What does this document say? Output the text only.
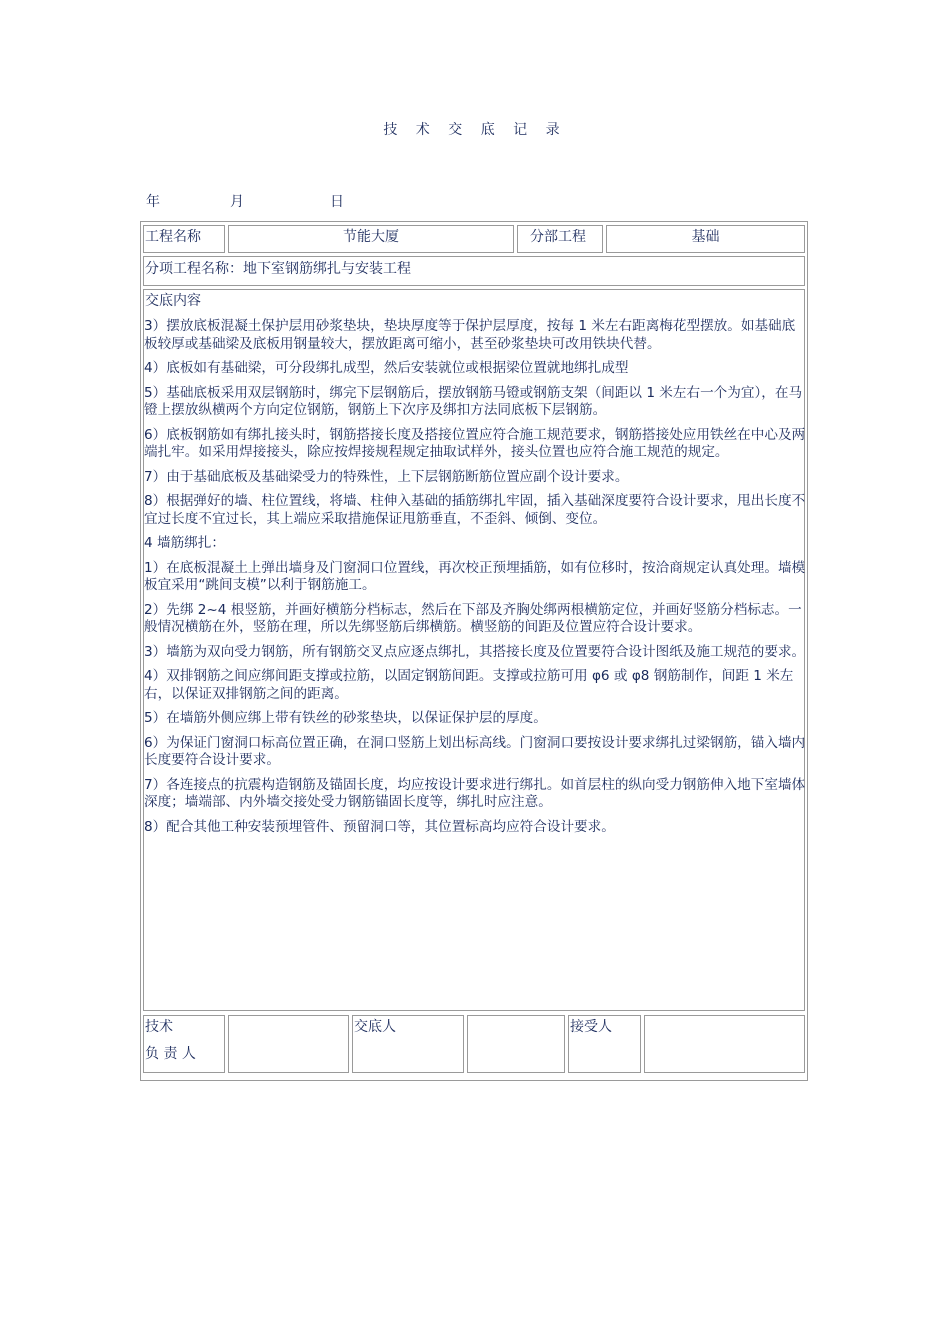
技 术 交 底 记 录
年	月	日
工程名称	节能大厦	分部工程	基础
分项工程名称：地下室钢筋绑扎与安装工程
交底内容

3）摆放底板混凝土保护层用砂浆垫块，垫块厚度等于保护层厚度，按每 1 米左右距离梅花型摆放。如基础底板较厚或基础梁及底板用钢量较大，摆放距离可缩小，甚至砂浆垫块可改用铁块代替。

4）底板如有基础梁，可分段绑扎成型，然后安装就位或根据梁位置就地绑扎成型

5）基础底板采用双层钢筋时，绑完下层钢筋后，摆放钢筋马镫或钢筋支架（间距以 1 米左右一个为宜），在马镫上摆放纵横两个方向定位钢筋，钢筋上下次序及绑扣方法同底板下层钢筋。

6）底板钢筋如有绑扎接头时，钢筋搭接长度及搭接位置应符合施工规范要求，钢筋搭接处应用铁丝在中心及两端扎牢。如采用焊接接头，除应按焊接规程规定抽取试样外，接头位置也应符合施工规范的规定。

7）由于基础底板及基础梁受力的特殊性，上下层钢筋断筋位置应副个设计要求。

8）根据弹好的墙、柱位置线，将墙、柱伸入基础的插筋绑扎牢固，插入基础深度要符合设计要求，甩出长度不宜过长度不宜过长，其上端应采取措施保证甩筋垂直，不歪斜、倾倒、变位。

4 墙筋绑扎：

1）在底板混凝土上弹出墙身及门窗洞口位置线，再次校正预埋插筋，如有位移时，按洽商规定认真处理。墙模板宜采用“跳间支模”以利于钢筋施工。

2）先绑 2~4 根竖筋，并画好横筋分档标志，然后在下部及齐胸处绑两根横筋定位，并画好竖筋分档标志。一般情况横筋在外，竖筋在理，所以先绑竖筋后绑横筋。横竖筋的间距及位置应符合设计要求。

3）墙筋为双向受力钢筋，所有钢筋交叉点应逐点绑扎，其搭接长度及位置要符合设计图纸及施工规范的要求。

4）双排钢筋之间应绑间距支撑或拉筋，以固定钢筋间距。支撑或拉筋可用 φ6 或 φ8 钢筋制作，间距 1 米左右，以保证双排钢筋之间的距离。

5）在墙筋外侧应绑上带有铁丝的砂浆垫块，以保证保护层的厚度。

6）为保证门窗洞口标高位置正确，在洞口竖筋上划出标高线。门窗洞口要按设计要求绑扎过梁钢筋，锚入墙内长度要符合设计要求。

7）各连接点的抗震构造钢筋及锚固长度，均应按设计要求进行绑扎。如首层柱的纵向受力钢筋伸入地下室墙体深度；墙端部、内外墙交接处受力钢筋锚固长度等，绑扎时应注意。

8）配合其他工种安装预埋管件、预留洞口等，其位置标高均应符合设计要求。

技术
负 责 人
交底人	接受人
